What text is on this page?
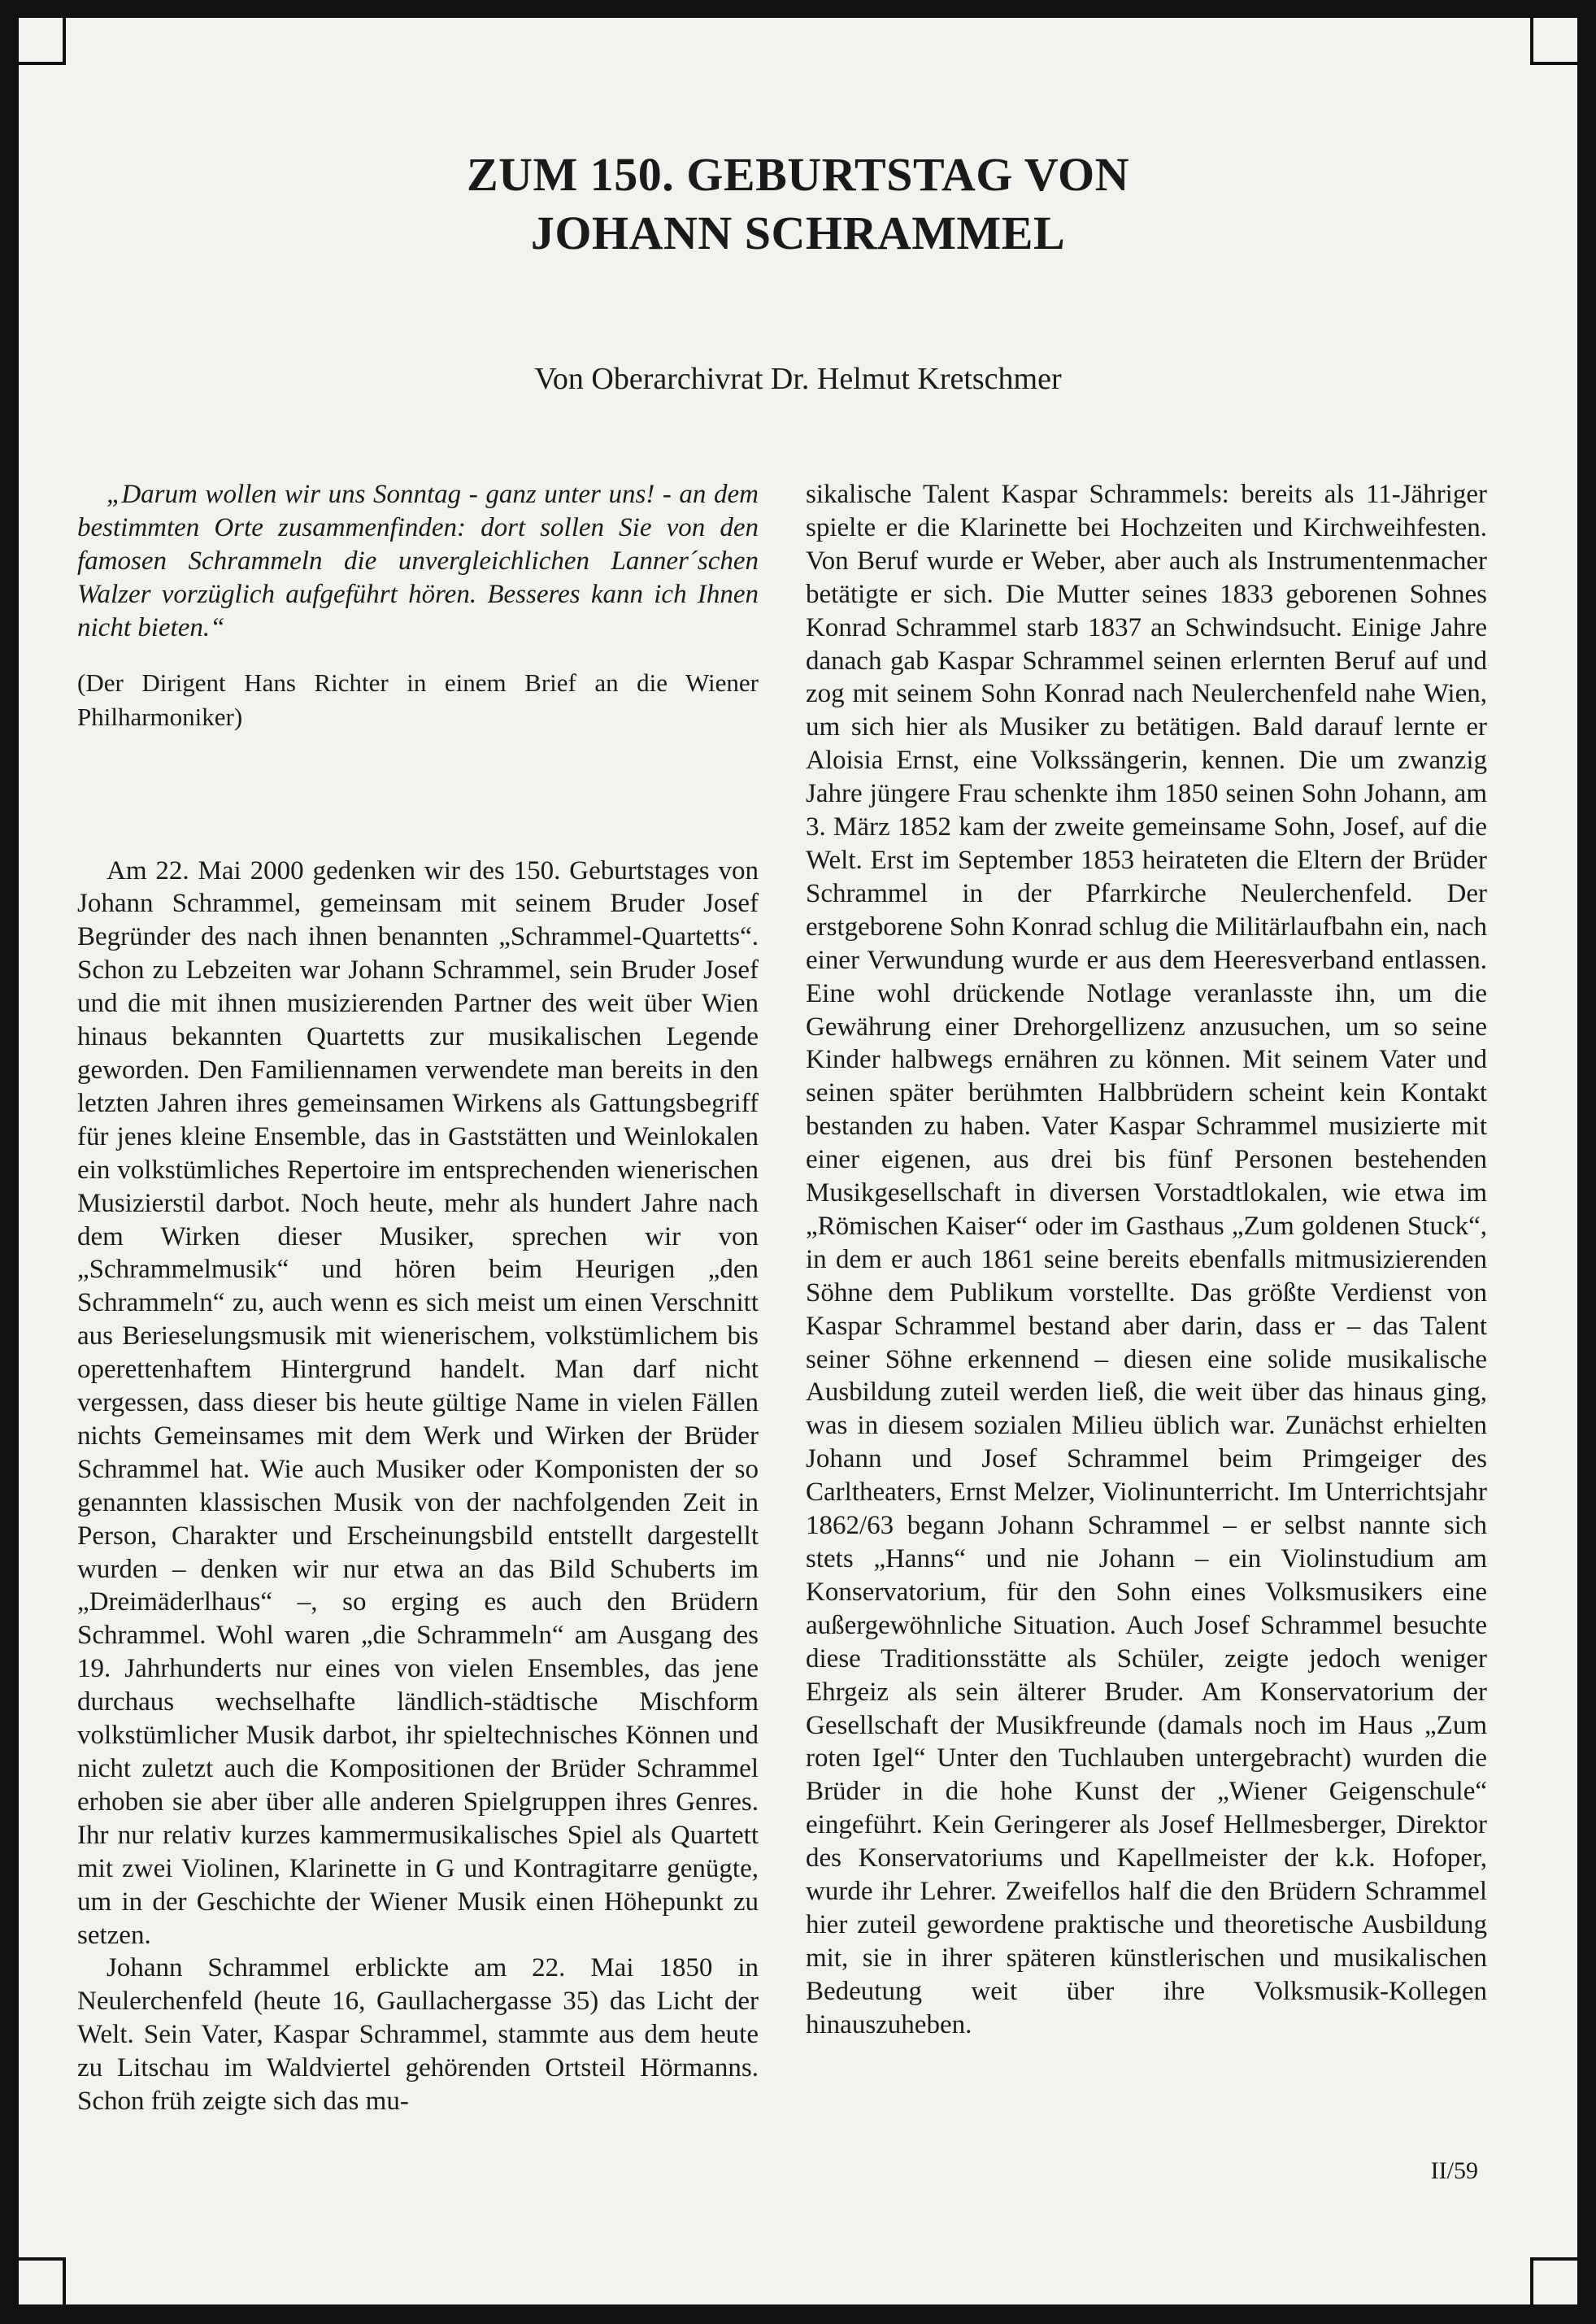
ZUM 150. GEBURTSTAG VON
JOHANN SCHRAMMEL

Von Oberarchivrat Dr. Helmut Kretschmer

„Darum wollen wir uns Sonntag - ganz unter uns! - an dem bestimmten Orte zusammenfinden: dort sollen Sie von den famosen Schrammeln die unvergleichlichen Lanner´schen Walzer vorzüglich aufgeführt hören. Besseres kann ich Ihnen nicht bieten.“

(Der Dirigent Hans Richter in einem Brief an die Wiener Philharmoniker)

Am 22. Mai 2000 gedenken wir des 150. Geburtstages von Johann Schrammel, gemeinsam mit seinem Bruder Josef Begründer des nach ihnen benannten „Schrammel-Quartetts“. Schon zu Lebzeiten war Johann Schrammel, sein Bruder Josef und die mit ihnen musizierenden Partner des weit über Wien hinaus bekannten Quartetts zur musikalischen Legende geworden. Den Familiennamen verwendete man bereits in den letzten Jahren ihres gemeinsamen Wirkens als Gattungsbegriff für jenes kleine Ensemble, das in Gaststätten und Weinlokalen ein volkstümliches Repertoire im entsprechenden wienerischen Musizierstil darbot. Noch heute, mehr als hundert Jahre nach dem Wirken dieser Musiker, sprechen wir von „Schrammelmusik“ und hören beim Heurigen „den Schrammeln“ zu, auch wenn es sich meist um einen Verschnitt aus Berieselungsmusik mit wienerischem, volkstümlichem bis operettenhaftem Hintergrund handelt. Man darf nicht vergessen, dass dieser bis heute gültige Name in vielen Fällen nichts Gemeinsames mit dem Werk und Wirken der Brüder Schrammel hat. Wie auch Musiker oder Komponisten der so genannten klassischen Musik von der nachfolgenden Zeit in Person, Charakter und Erscheinungsbild entstellt dargestellt wurden – denken wir nur etwa an das Bild Schuberts im „Dreimäderlhaus“ –, so erging es auch den Brüdern Schrammel. Wohl waren „die Schrammeln“ am Ausgang des 19. Jahrhunderts nur eines von vielen Ensembles, das jene durchaus wechselhafte ländlich-städtische Mischform volkstümlicher Musik darbot, ihr spieltechnisches Können und nicht zuletzt auch die Kompositionen der Brüder Schrammel erhoben sie aber über alle anderen Spielgruppen ihres Genres. Ihr nur relativ kurzes kammermusikalisches Spiel als Quartett mit zwei Violinen, Klarinette in G und Kontragitarre genügte, um in der Geschichte der Wiener Musik einen Höhepunkt zu setzen.

Johann Schrammel erblickte am 22. Mai 1850 in Neulerchenfeld (heute 16, Gaullachergasse 35) das Licht der Welt. Sein Vater, Kaspar Schrammel, stammte aus dem heute zu Litschau im Waldviertel gehörenden Ortsteil Hörmanns. Schon früh zeigte sich das mu-

sikalische Talent Kaspar Schrammels: bereits als 11-Jähriger spielte er die Klarinette bei Hochzeiten und Kirchweihfesten. Von Beruf wurde er Weber, aber auch als Instrumentenmacher betätigte er sich. Die Mutter seines 1833 geborenen Sohnes Konrad Schrammel starb 1837 an Schwindsucht. Einige Jahre danach gab Kaspar Schrammel seinen erlernten Beruf auf und zog mit seinem Sohn Konrad nach Neulerchenfeld nahe Wien, um sich hier als Musiker zu betätigen. Bald darauf lernte er Aloisia Ernst, eine Volkssängerin, kennen. Die um zwanzig Jahre jüngere Frau schenkte ihm 1850 seinen Sohn Johann, am 3. März 1852 kam der zweite gemeinsame Sohn, Josef, auf die Welt. Erst im September 1853 heirateten die Eltern der Brüder Schrammel in der Pfarrkirche Neulerchenfeld. Der erstgeborene Sohn Konrad schlug die Militärlaufbahn ein, nach einer Verwundung wurde er aus dem Heeresverband entlassen. Eine wohl drückende Notlage veranlasste ihn, um die Gewährung einer Drehorgellizenz anzusuchen, um so seine Kinder halbwegs ernähren zu können. Mit seinem Vater und seinen später berühmten Halbbrüdern scheint kein Kontakt bestanden zu haben. Vater Kaspar Schrammel musizierte mit einer eigenen, aus drei bis fünf Personen bestehenden Musikgesellschaft in diversen Vorstadtlokalen, wie etwa im „Römischen Kaiser“ oder im Gasthaus „Zum goldenen Stuck“, in dem er auch 1861 seine bereits ebenfalls mitmusizierenden Söhne dem Publikum vorstellte. Das größte Verdienst von Kaspar Schrammel bestand aber darin, dass er – das Talent seiner Söhne erkennend – diesen eine solide musikalische Ausbildung zuteil werden ließ, die weit über das hinaus ging, was in diesem sozialen Milieu üblich war. Zunächst erhielten Johann und Josef Schrammel beim Primgeiger des Carltheaters, Ernst Melzer, Violinunterricht. Im Unterrichtsjahr 1862/63 begann Johann Schrammel – er selbst nannte sich stets „Hanns“ und nie Johann – ein Violinstudium am Konservatorium, für den Sohn eines Volksmusikers eine außergewöhnliche Situation. Auch Josef Schrammel besuchte diese Traditionsstätte als Schüler, zeigte jedoch weniger Ehrgeiz als sein älterer Bruder. Am Konservatorium der Gesellschaft der Musikfreunde (damals noch im Haus „Zum roten Igel“ Unter den Tuchlauben untergebracht) wurden die Brüder in die hohe Kunst der „Wiener Geigenschule“ eingeführt. Kein Geringerer als Josef Hellmesberger, Direktor des Konservatoriums und Kapellmeister der k.k. Hofoper, wurde ihr Lehrer. Zweifellos half die den Brüdern Schrammel hier zuteil gewordene praktische und theoretische Ausbildung mit, sie in ihrer späteren künstlerischen und musikalischen Bedeutung weit über ihre Volksmusik-Kollegen hinauszuheben.

II/59
